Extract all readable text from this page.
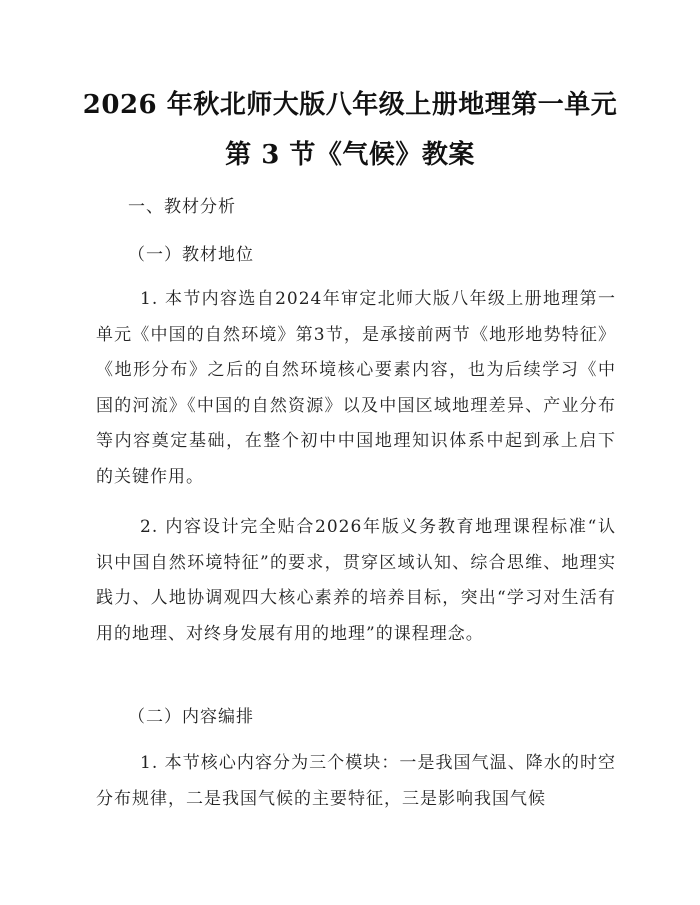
2026 年秋北师大版八年级上册地理第一单元
第 3 节《气候》教案
一、教材分析
（一）教材地位

1. 本节内容选自2024年审定北师大版八年级上册地理第一单元《中国的自然环境》第3节，是承接前两节《地形地势特征》《地形分布》之后的自然环境核心要素内容，也为后续学习《中国的河流》《中国的自然资源》以及中国区域地理差异、产业分布等内容奠定基础，在整个初中中国地理知识体系中起到承上启下的关键作用。

2. 内容设计完全贴合2026年版义务教育地理课程标准“认识中国自然环境特征”的要求，贯穿区域认知、综合思维、地理实践力、人地协调观四大核心素养的培养目标，突出“学习对生活有用的地理、对终身发展有用的地理”的课程理念。

（二）内容编排

1. 本节核心内容分为三个模块：一是我国气温、降水的时空分布规律，二是我国气候的主要特征，三是影响我国气候
